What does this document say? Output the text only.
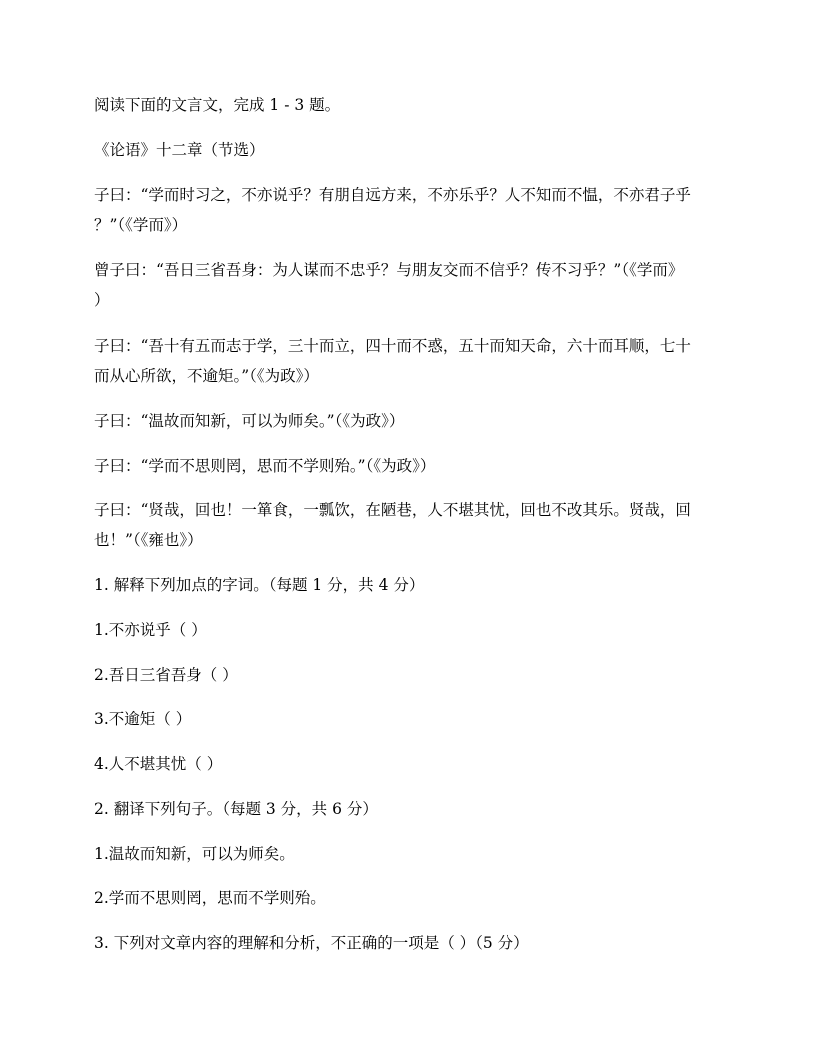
阅读下面的文言文，完成 1 - 3 题。
《论语》十二章（节选）
子曰：“学而时习之，不亦说乎？有朋自远方来，不亦乐乎？人不知而不愠，不亦君子乎
？”（《学而》）
曾子曰：“吾日三省吾身：为人谋而不忠乎？与朋友交而不信乎？传不习乎？”（《学而》
）
子曰：“吾十有五而志于学，三十而立，四十而不惑，五十而知天命，六十而耳顺，七十
而从心所欲，不逾矩。”（《为政》）
子曰：“温故而知新，可以为师矣。”（《为政》）
子曰：“学而不思则罔，思而不学则殆。”（《为政》）
子曰：“贤哉，回也！一箪食，一瓢饮，在陋巷，人不堪其忧，回也不改其乐。贤哉，回
也！”（《雍也》）
1. 解释下列加点的字词。（每题 1 分，共 4 分）
1.不亦说乎（ ）
2.吾日三省吾身（ ）
3.不逾矩（ ）
4.人不堪其忧（ ）
2. 翻译下列句子。（每题 3 分，共 6 分）
1.温故而知新，可以为师矣。
2.学而不思则罔，思而不学则殆。
3. 下列对文章内容的理解和分析，不正确的一项是（ ）（5 分）
